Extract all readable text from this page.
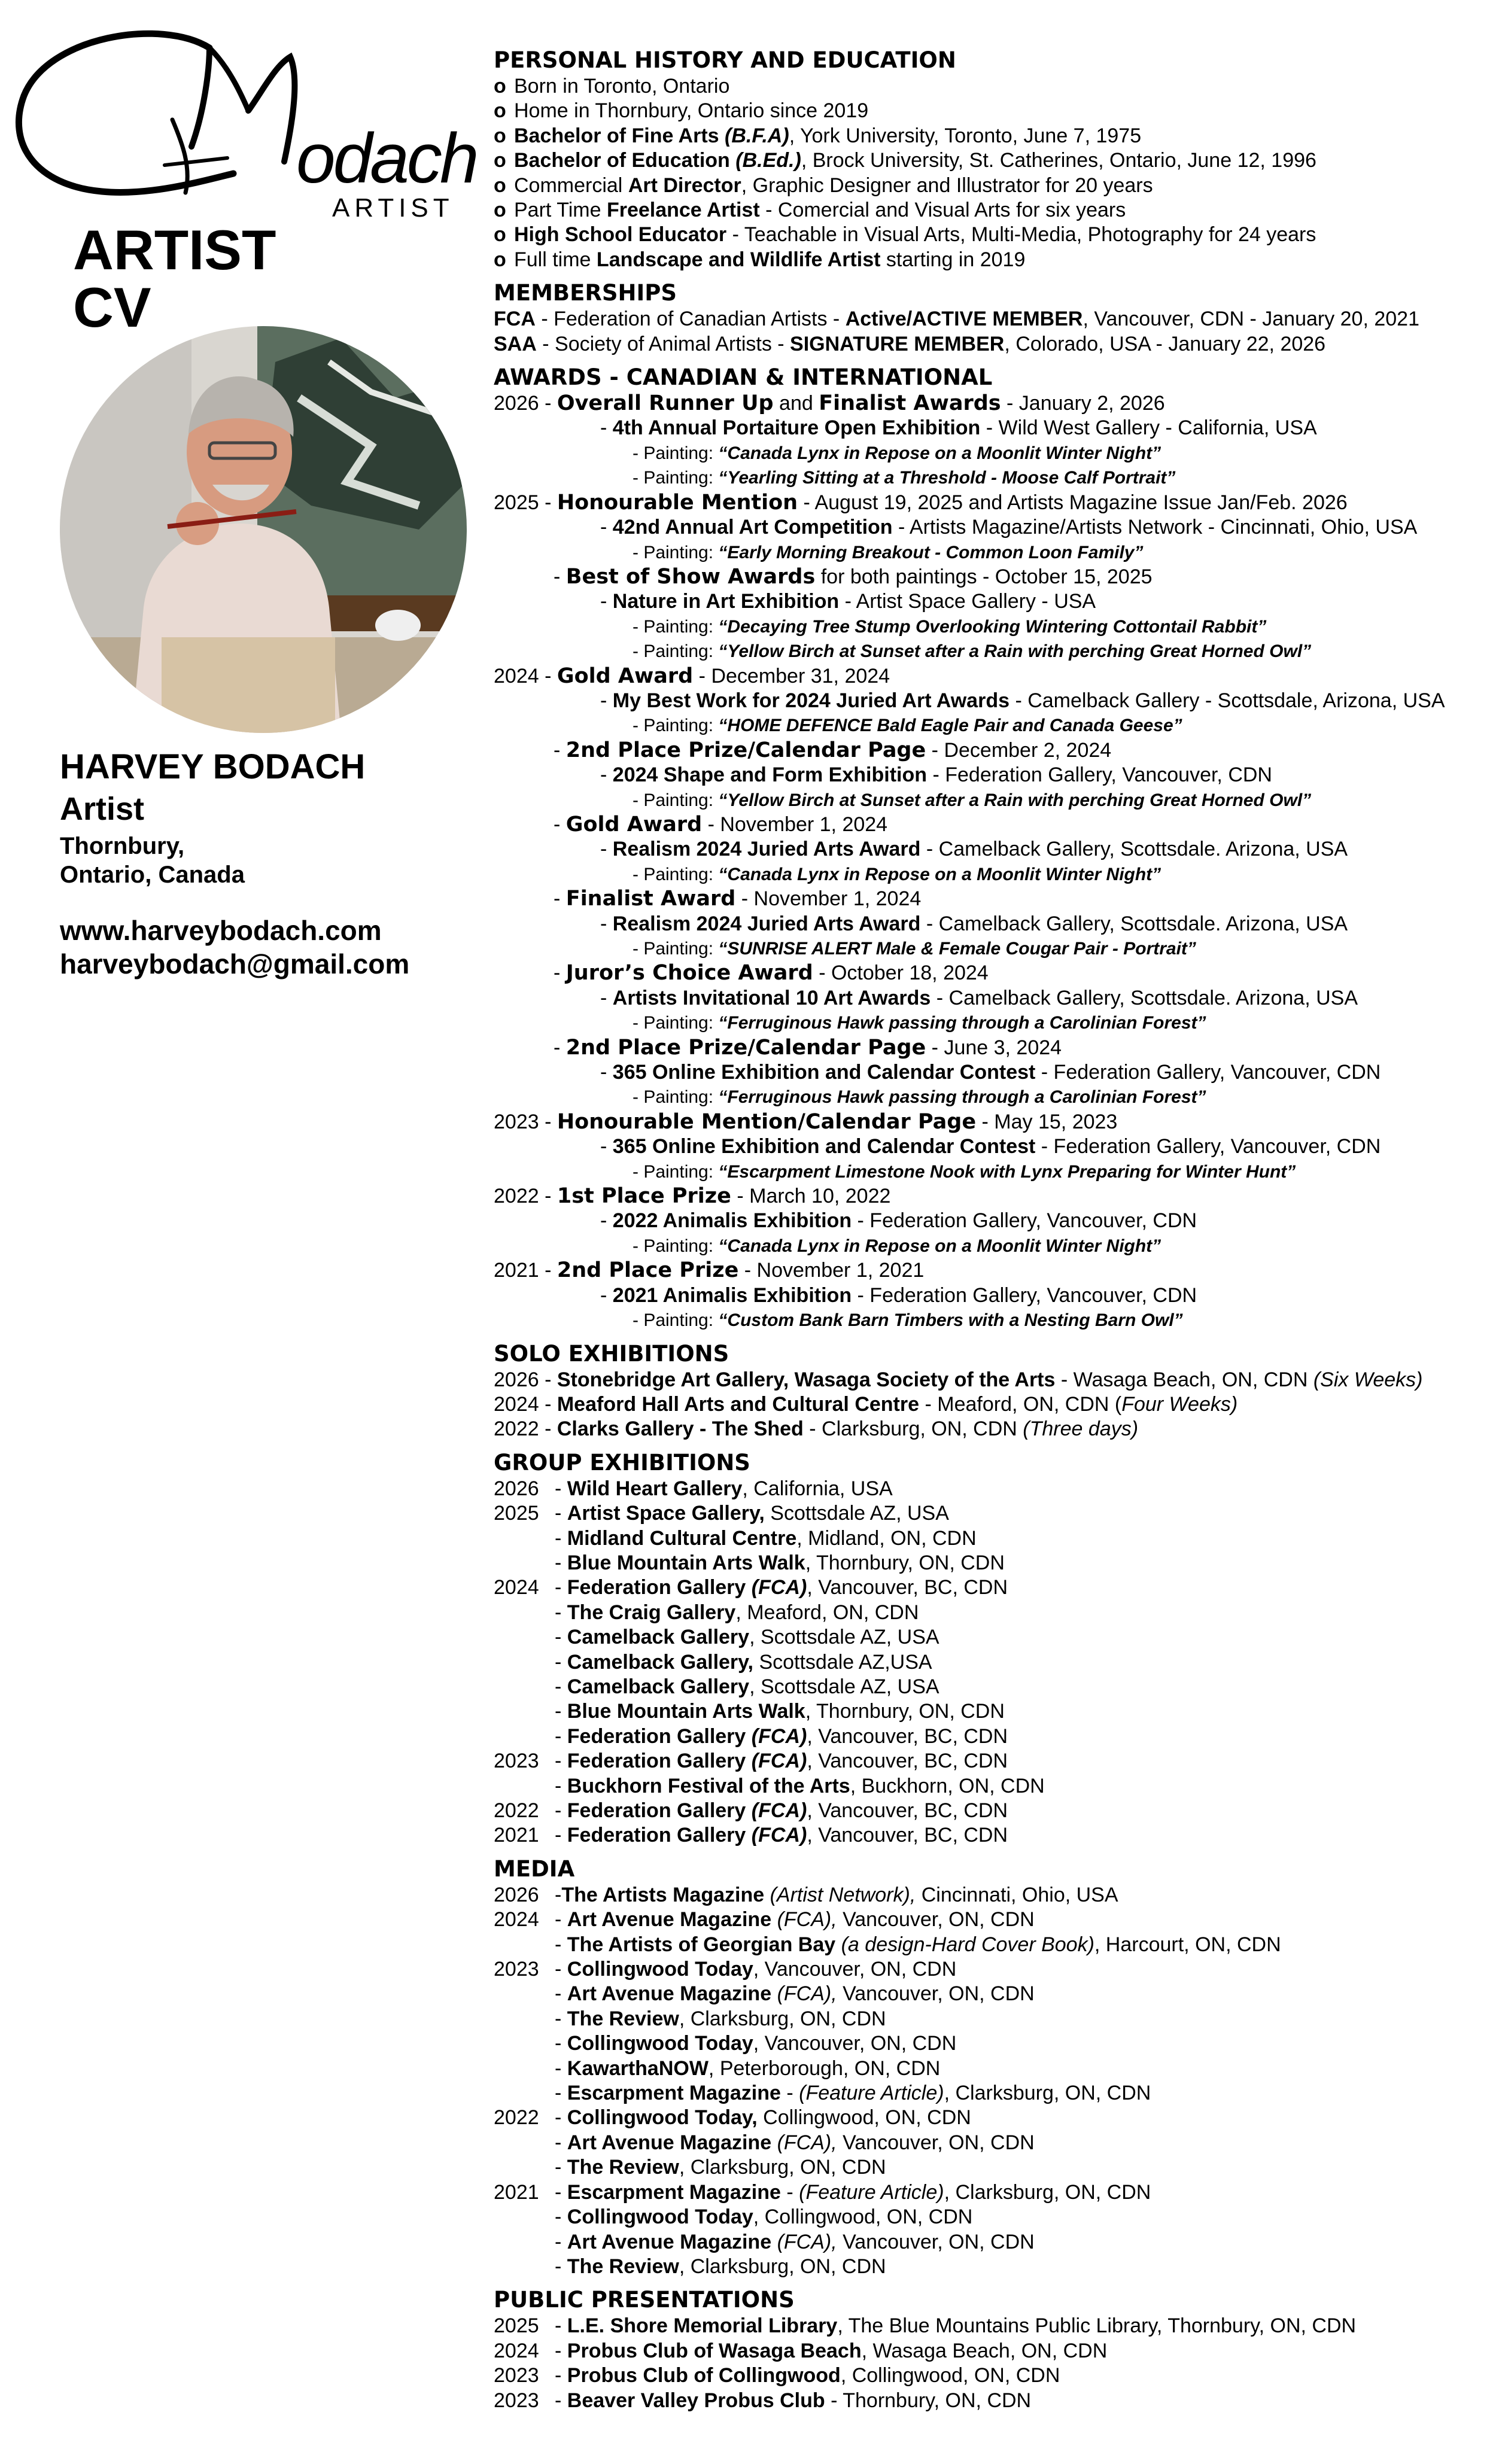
odach
ARTIST
ARTIST
CV
HARVEY BODACH
Artist
Thornbury,
Ontario, Canada
www.harveybodach.com
harveybodach@gmail.com
PERSONAL HISTORY AND EDUCATION
o Born in Toronto, Ontario
o Home in Thornbury, Ontario since 2019
o Bachelor of Fine Arts (B.F.A), York University, Toronto, June 7, 1975
o Bachelor of Education (B.Ed.), Brock University, St. Catherines, Ontario, June 12, 1996
o Commercial Art Director, Graphic Designer and Illustrator for 20 years
o Part Time Freelance Artist - Comercial and Visual Arts for six years
o High School Educator - Teachable in Visual Arts, Multi-Media, Photography for 24 years
o Full time Landscape and Wildlife Artist starting in 2019
MEMBERSHIPS
FCA - Federation of Canadian Artists - Active/ACTIVE MEMBER, Vancouver, CDN - January 20, 2021
SAA - Society of Animal Artists - SIGNATURE MEMBER, Colorado, USA - January 22, 2026
AWARDS - CANADIAN & INTERNATIONAL
2026 - Overall Runner Up and Finalist Awards - January 2, 2026
- 4th Annual Portaiture Open Exhibition - Wild West Gallery - California, USA
- Painting: “Canada Lynx in Repose on a Moonlit Winter Night”
- Painting: “Yearling Sitting at a Threshold - Moose Calf Portrait”
2025 - Honourable Mention - August 19, 2025 and Artists Magazine Issue Jan/Feb. 2026
- 42nd Annual Art Competition - Artists Magazine/Artists Network - Cincinnati, Ohio, USA
- Painting: “Early Morning Breakout - Common Loon Family”
- Best of Show Awards for both paintings - October 15, 2025
- Nature in Art Exhibition - Artist Space Gallery - USA
- Painting: “Decaying Tree Stump Overlooking Wintering Cottontail Rabbit”
- Painting: “Yellow Birch at Sunset after a Rain with perching Great Horned Owl”
2024 - Gold Award - December 31, 2024
- My Best Work for 2024 Juried Art Awards - Camelback Gallery - Scottsdale, Arizona, USA
- Painting: “HOME DEFENCE Bald Eagle Pair and Canada Geese”
- 2nd Place Prize/Calendar Page - December 2, 2024
- 2024 Shape and Form Exhibition - Federation Gallery, Vancouver, CDN
- Painting: “Yellow Birch at Sunset after a Rain with perching Great Horned Owl”
- Gold Award - November 1, 2024
- Realism 2024 Juried Arts Award - Camelback Gallery, Scottsdale. Arizona, USA
- Painting: “Canada Lynx in Repose on a Moonlit Winter Night”
- Finalist Award - November 1, 2024
- Realism 2024 Juried Arts Award - Camelback Gallery, Scottsdale. Arizona, USA
- Painting: “SUNRISE ALERT Male & Female Cougar Pair - Portrait”
- Juror’s Choice Award - October 18, 2024
- Artists Invitational 10 Art Awards - Camelback Gallery, Scottsdale. Arizona, USA
- Painting: “Ferruginous Hawk passing through a Carolinian Forest”
- 2nd Place Prize/Calendar Page - June 3, 2024
- 365 Online Exhibition and Calendar Contest - Federation Gallery, Vancouver, CDN
- Painting: “Ferruginous Hawk passing through a Carolinian Forest”
2023 - Honourable Mention/Calendar Page - May 15, 2023
- 365 Online Exhibition and Calendar Contest - Federation Gallery, Vancouver, CDN
- Painting: “Escarpment Limestone Nook with Lynx Preparing for Winter Hunt”
2022 - 1st Place Prize - March 10, 2022
- 2022 Animalis Exhibition - Federation Gallery, Vancouver, CDN
- Painting: “Canada Lynx in Repose on a Moonlit Winter Night”
2021 - 2nd Place Prize - November 1, 2021
- 2021 Animalis Exhibition - Federation Gallery, Vancouver, CDN
- Painting: “Custom Bank Barn Timbers with a Nesting Barn Owl”
SOLO EXHIBITIONS
2026 - Stonebridge Art Gallery, Wasaga Society of the Arts - Wasaga Beach, ON, CDN (Six Weeks)
2024 - Meaford Hall Arts and Cultural Centre - Meaford, ON, CDN (Four Weeks)
2022 - Clarks Gallery - The Shed - Clarksburg, ON, CDN (Three days)
GROUP EXHIBITIONS
2026 - Wild Heart Gallery, California, USA
2025 - Artist Space Gallery, Scottsdale AZ, USA
- Midland Cultural Centre, Midland, ON, CDN
- Blue Mountain Arts Walk, Thornbury, ON, CDN
2024 - Federation Gallery (FCA), Vancouver, BC, CDN
- The Craig Gallery, Meaford, ON, CDN
- Camelback Gallery, Scottsdale AZ, USA
- Camelback Gallery, Scottsdale AZ,USA
- Camelback Gallery, Scottsdale AZ, USA
- Blue Mountain Arts Walk, Thornbury, ON, CDN
- Federation Gallery (FCA), Vancouver, BC, CDN
2023 - Federation Gallery (FCA), Vancouver, BC, CDN
- Buckhorn Festival of the Arts, Buckhorn, ON, CDN
2022 - Federation Gallery (FCA), Vancouver, BC, CDN
2021 - Federation Gallery (FCA), Vancouver, BC, CDN
MEDIA
2026 -The Artists Magazine (Artist Network), Cincinnati, Ohio, USA
2024 - Art Avenue Magazine (FCA), Vancouver, ON, CDN
- The Artists of Georgian Bay (a design-Hard Cover Book), Harcourt, ON, CDN
2023 - Collingwood Today, Vancouver, ON, CDN
- Art Avenue Magazine (FCA), Vancouver, ON, CDN
- The Review, Clarksburg, ON, CDN
- Collingwood Today, Vancouver, ON, CDN
- KawarthaNOW, Peterborough, ON, CDN
- Escarpment Magazine - (Feature Article), Clarksburg, ON, CDN
2022 - Collingwood Today, Collingwood, ON, CDN
- Art Avenue Magazine (FCA), Vancouver, ON, CDN
- The Review, Clarksburg, ON, CDN
2021 - Escarpment Magazine - (Feature Article), Clarksburg, ON, CDN
- Collingwood Today, Collingwood, ON, CDN
- Art Avenue Magazine (FCA), Vancouver, ON, CDN
- The Review, Clarksburg, ON, CDN
PUBLIC PRESENTATIONS
2025 - L.E. Shore Memorial Library, The Blue Mountains Public Library, Thornbury, ON, CDN
2024 - Probus Club of Wasaga Beach, Wasaga Beach, ON, CDN
2023 - Probus Club of Collingwood, Collingwood, ON, CDN
2023 - Beaver Valley Probus Club - Thornbury, ON, CDN
